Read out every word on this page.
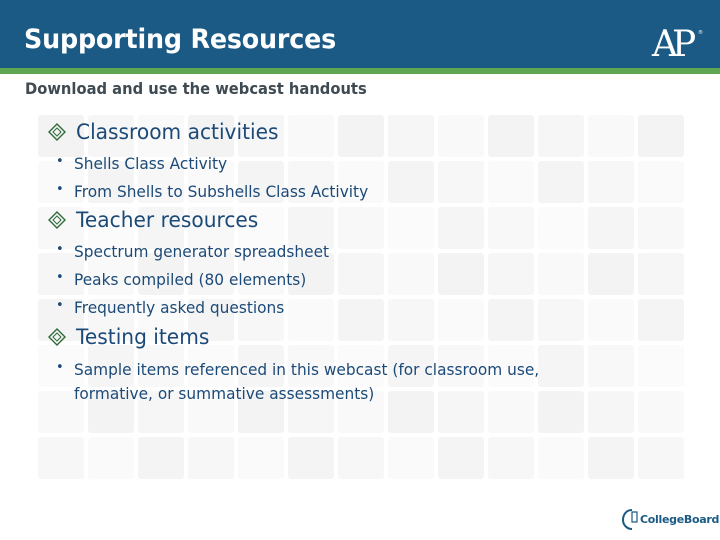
Supporting Resources	AP	®
Download and use the webcast handouts
Classroom activities
• Shells Class Activity
• From Shells to Subshells Class Activity
Teacher resources
• Spectrum generator spreadsheet
• Peaks compiled (80 elements)
• Frequently asked questions
Testing items
• Sample items referenced in this webcast (for classroom use,
formative, or summative assessments)
CollegeBoard
